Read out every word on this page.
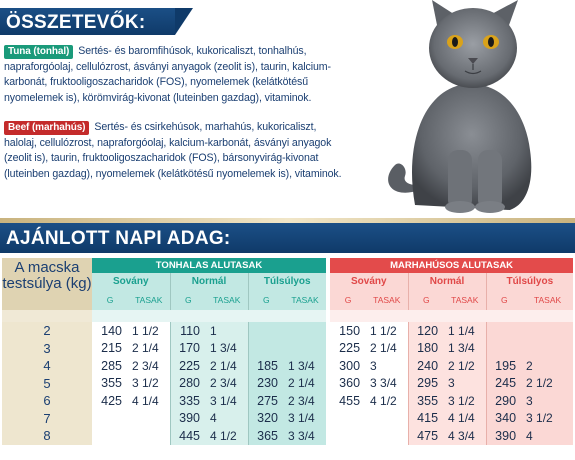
ÖSSZETEVŐK:
Tuna (tonhal) Sertés- és baromfihúsok, kukoricaliszt, tonhalhús, napraforgóolaj, cellulózrost, ásványi anyagok (zeolit is), taurin, kalcium-karbonát, fruktooligoszacharidok (FOS), nyomelemek (kelátkötésű nyomelemek is), körömvirág-kivonat (luteinben gazdag), vitaminok.
Beef (marhahús) Sertés- és csirkehúsok, marhahús, kukoricaliszt, halolaj, cellulózrost, napraforgóolaj, kalcium-karbonát, ásványi anyagok (zeolit is), taurin, fruktooligoszacharidok (FOS), bársonyvirág-kivonat (luteinben gazdag), nyomelemek (kelátkötésű nyomelemek is), vitaminok.
AJÁNLOTT NAPI ADAG:
A macska testsúlya (kg)	TONHALAS ALUTASAK							MARHAHÚSOS ALUTASAK					
	Sovány		Normál		Túlsúlyos			Sovány		Normál		Túlsúlyos	
	G	TASAK	G	TASAK	G	TASAK		G	TASAK	G	TASAK	G	TASAK

2	140	1 1/2	110	1				150	1 1/2	120	1 1/4		
3	215	2 1/4	170	1 3/4				225	2 1/4	180	1 3/4		
4	285	2 3/4	225	2 1/4	185	1 3/4		300	3	240	2 1/2	195	2
5	355	3 1/2	280	2 3/4	230	2 1/4		360	3 3/4	295	3	245	2 1/2
6	425	4 1/4	335	3 1/4	275	2 3/4		455	4 1/2	355	3 1/2	290	3
7			390	4	320	3 1/4				415	4 1/4	340	3 1/2
8			445	4 1/2	365	3 3/4				475	4 3/4	390	4
